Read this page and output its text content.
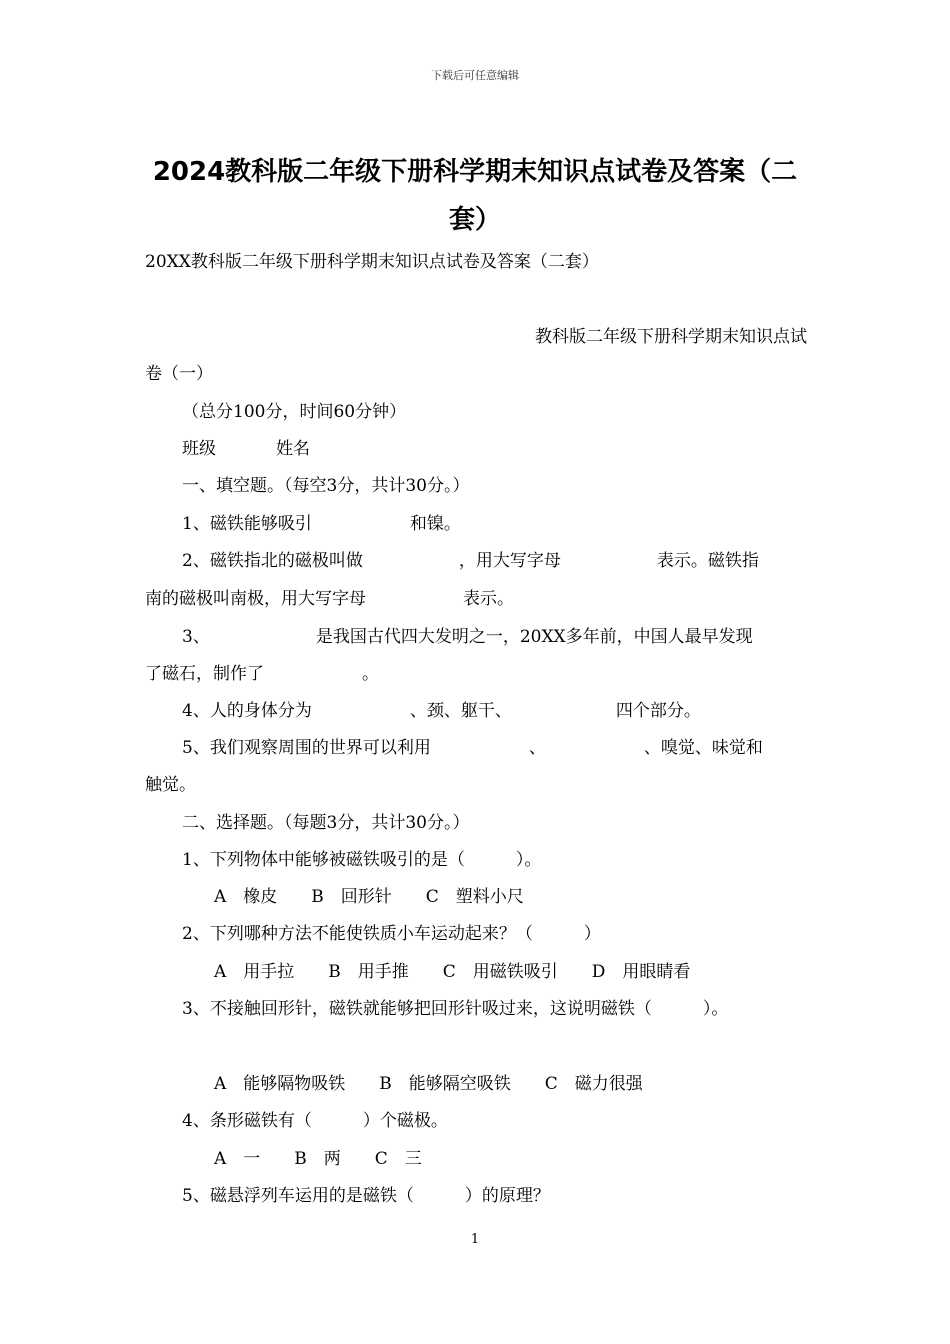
下载后可任意编辑
2024教科版二年级下册科学期末知识点试卷及答案（二
套）
20XX教科版二年级下册科学期末知识点试卷及答案（二套）
教科版二年级下册科学期末知识点试
卷（一）
（总分100分，时间60分钟）
班级	姓名
一、填空题。（每空3分，共计30分。）
1、磁铁能够吸引	和镍。
2、磁铁指北的磁极叫做	，用大写字母	表示。磁铁指
南的磁极叫南极，用大写字母	表示。
3、	是我国古代四大发明之一，20XX多年前，中国人最早发现
了磁石，制作了	。
4、人的身体分为	、颈、躯干、	四个部分。
5、我们观察周围的世界可以利用	、	、嗅觉、味觉和
触觉。
二、选择题。（每题3分，共计30分。）
1、下列物体中能够被磁铁吸引的是（　　　）。
A　橡皮　　B　回形针　　C　塑料小尺
2、下列哪种方法不能使铁质小车运动起来？（　　　）
A　用手拉　　B　用手推　　C　用磁铁吸引　　D　用眼睛看
3、不接触回形针，磁铁就能够把回形针吸过来，这说明磁铁（　　　）。
A　能够隔物吸铁　　B　能够隔空吸铁　　C　磁力很强
4、条形磁铁有（　　　）个磁极。
A　一　　B　两　　C　三
5、磁悬浮列车运用的是磁铁（　　　）的原理？
1
